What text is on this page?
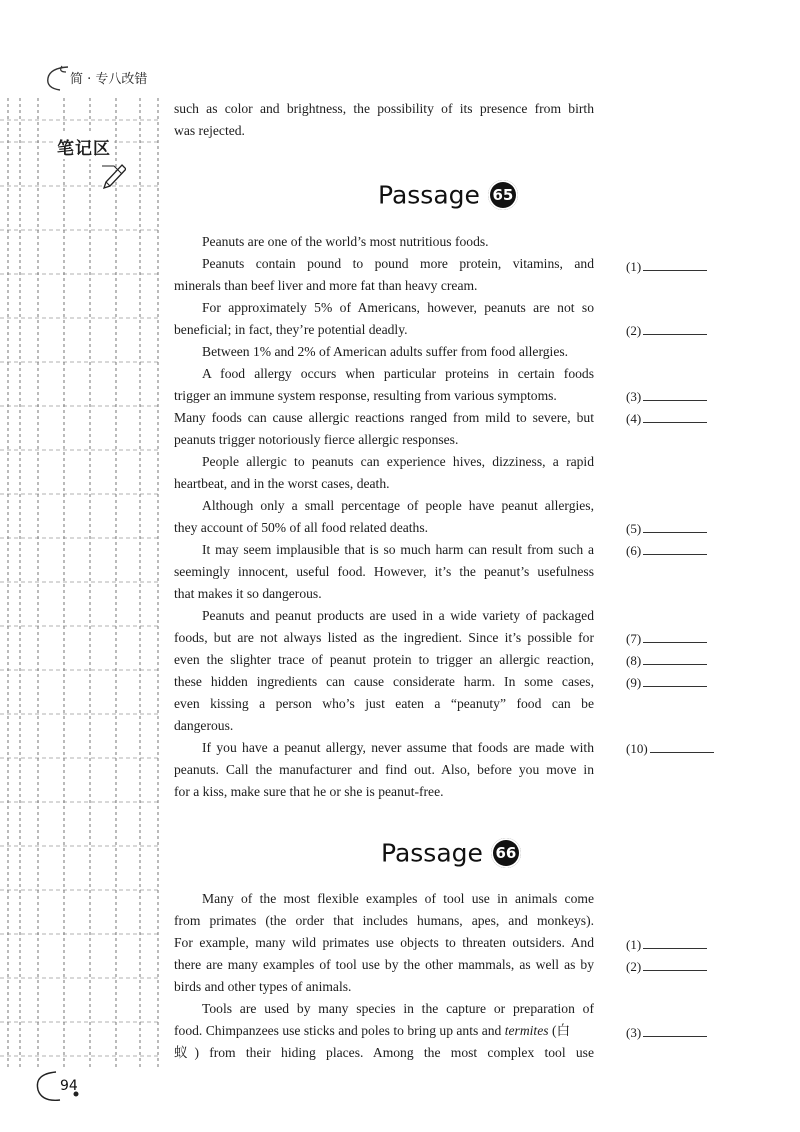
简 · 专八改错
笔记区
such as color and brightness, the possibility of its presence from birth
was rejected.
Passage 65
Peanuts are one of the world’s most nutritious foods.
Peanuts contain pound to pound more protein, vitamins, and
minerals than beef liver and more fat than heavy cream.
For approximately 5% of Americans, however, peanuts are not so
beneficial; in fact, they’re potential deadly.
Between 1% and 2% of American adults suffer from food allergies.
A food allergy occurs when particular proteins in certain foods
trigger an immune system response, resulting from various symptoms.
Many foods can cause allergic reactions ranged from mild to severe, but
peanuts trigger notoriously fierce allergic responses.
People allergic to peanuts can experience hives, dizziness, a rapid
heartbeat, and in the worst cases, death.
Although only a small percentage of people have peanut allergies,
they account of 50% of all food related deaths.
It may seem implausible that is so much harm can result from such a
seemingly innocent, useful food. However, it’s the peanut’s usefulness
that makes it so dangerous.
Peanuts and peanut products are used in a wide variety of packaged
foods, but are not always listed as the ingredient. Since it’s possible for
even the slighter trace of peanut protein to trigger an allergic reaction,
these hidden ingredients can cause considerate harm. In some cases,
even kissing a person who’s just eaten a “peanuty” food can be
dangerous.
If you have a peanut allergy, never assume that foods are made with
peanuts. Call the manufacturer and find out. Also, before you move in
for a kiss, make sure that he or she is peanut-free.
(1)
(2)
(3)
(4)
(5)
(6)
(7)
(8)
(9)
(10)
Passage 66
Many of the most flexible examples of tool use in animals come
from primates (the order that includes humans, apes, and monkeys).
For example, many wild primates use objects to threaten outsiders. And
there are many examples of tool use by the other mammals, as well as by
birds and other types of animals.
Tools are used by many species in the capture or preparation of
food. Chimpanzees use sticks and poles to bring up ants and termites (白
蚁) from their hiding places. Among the most complex tool use
(1)
(2)
(3)
94
